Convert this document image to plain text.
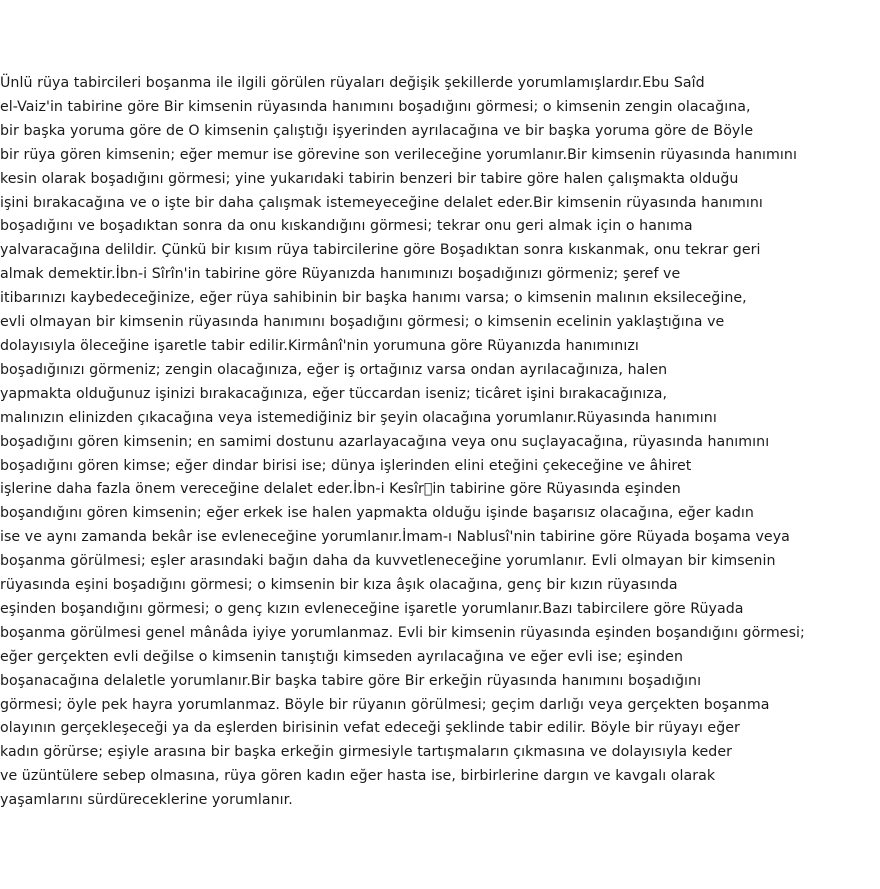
Ünlü rüya tabircileri boşanma ile ilgili görülen rüyaları değişik şekillerde yorumlamışlardır.Ebu Saîd
el-Vaiz'in tabirine göre Bir kimsenin rüyasında hanımını boşadığını görmesi; o kimsenin zengin olacağına,
bir başka yoruma göre de O kimsenin çalıştığı işyerinden ayrılacağına ve bir başka yoruma göre de Böyle
bir rüya gören kimsenin; eğer memur ise görevine son verileceğine yorumlanır.Bir kimsenin rüyasında hanımını
kesin olarak boşadığını görmesi; yine yukarıdaki tabirin benzeri bir tabire göre halen çalışmakta olduğu
işini bırakacağına ve o işte bir daha çalışmak istemeyeceğine delalet eder.Bir kimsenin rüyasında hanımını
boşadığını ve boşadıktan sonra da onu kıskandığını görmesi; tekrar onu geri almak için o hanıma
yalvaracağına delildir. Çünkü bir kısım rüya tabircilerine göre Boşadıktan sonra kıskanmak, onu tekrar geri
almak demektir.İbn-i Sîrîn'in tabirine göre Rüyanızda hanımınızı boşadığınızı görmeniz; şeref ve
itibarınızı kaybedeceğinize, eğer rüya sahibinin bir başka hanımı varsa; o kimsenin malının eksileceğine,
evli olmayan bir kimsenin rüyasında hanımını boşadığını görmesi; o kimsenin ecelinin yaklaştığına ve
dolayısıyla öleceğine işaretle tabir edilir.Kirmânî'nin yorumuna göre Rüyanızda hanımınızı
boşadığınızı görmeniz; zengin olacağınıza, eğer iş ortağınız varsa ondan ayrılacağınıza, halen
yapmakta olduğunuz işinizi bırakacağınıza, eğer tüccardan iseniz; ticâret işini bırakacağınıza,
malınızın elinizden çıkacağına veya istemediğiniz bir şeyin olacağına yorumlanır.Rüyasında hanımını
boşadığını gören kimsenin; en samimi dostunu azarlayacağına veya onu suçlayacağına, rüyasında hanımını
boşadığını gören kimse; eğer dindar birisi ise; dünya işlerinden elini eteğini çekeceğine ve âhiret
işlerine daha fazla önem vereceğine delalet eder.İbn-i Kesîr in tabirine göre Rüyasında eşinden
boşandığını gören kimsenin; eğer erkek ise halen yapmakta olduğu işinde başarısız olacağına, eğer kadın
ise ve aynı zamanda bekâr ise evleneceğine yorumlanır.İmam-ı Nablusî'nin tabirine göre Rüyada boşama veya
boşanma görülmesi; eşler arasındaki bağın daha da kuvvetleneceğine yorumlanır. Evli olmayan bir kimsenin
rüyasında eşini boşadığını görmesi; o kimsenin bir kıza âşık olacağına, genç bir kızın rüyasında
eşinden boşandığını görmesi; o genç kızın evleneceğine işaretle yorumlanır.Bazı tabircilere göre Rüyada
boşanma görülmesi genel mânâda iyiye yorumlanmaz. Evli bir kimsenin rüyasında eşinden boşandığını görmesi;
eğer gerçekten evli değilse o kimsenin tanıştığı kimseden ayrılacağına ve eğer evli ise; eşinden
boşanacağına delaletle yorumlanır.Bir başka tabire göre Bir erkeğin rüyasında hanımını boşadığını
görmesi; öyle pek hayra yorumlanmaz. Böyle bir rüyanın görülmesi; geçim darlığı veya gerçekten boşanma
olayının gerçekleşeceği ya da eşlerden birisinin vefat edeceği şeklinde tabir edilir. Böyle bir rüyayı eğer
kadın görürse; eşiyle arasına bir başka erkeğin girmesiyle tartışmaların çıkmasına ve dolayısıyla keder
ve üzüntülere sebep olmasına, rüya gören kadın eğer hasta ise, birbirlerine dargın ve kavgalı olarak
yaşamlarını sürdüreceklerine yorumlanır.
